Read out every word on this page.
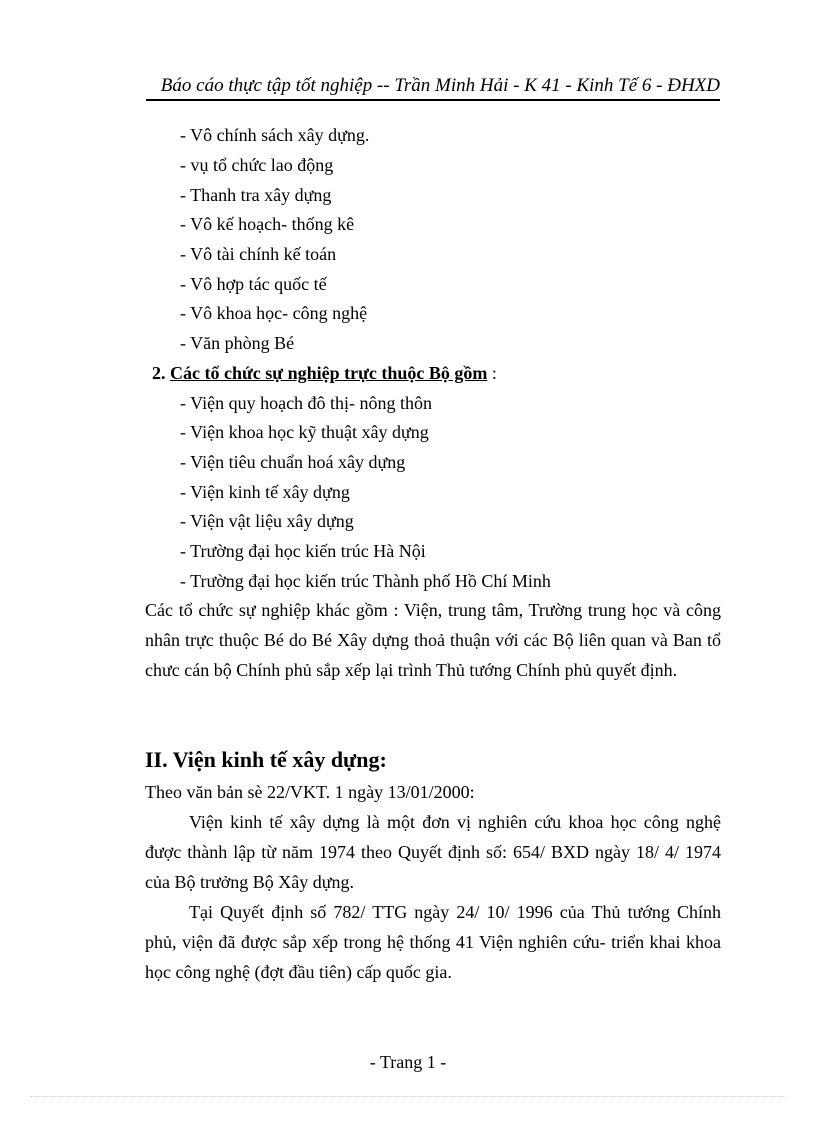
Báo cáo thực tập tốt nghiệp -- Trần Minh Hải - K 41 - Kinh Tế 6 - ĐHXD
- Vô chính sách xây dựng.
- vụ tổ chức lao động
- Thanh tra xây dựng
- Vô kế hoạch- thống kê
- Vô tài chính kế toán
- Vô hợp tác quốc tế
- Vô khoa học- công nghệ
- Văn phòng Bé
2. Các tổ chức sự nghiệp trực thuộc Bộ gồm :
- Viện quy hoạch đô thị- nông thôn
- Viện khoa học kỹ thuật xây dựng
- Viện tiêu chuẩn hoá xây dựng
- Viện kinh tế xây dựng
- Viện vật liệu xây dựng
- Trường đại học kiến trúc Hà Nội
- Trường đại học kiến trúc Thành phố Hồ Chí Minh
Các tổ chức sự nghiệp khác gồm : Viện, trung tâm, Trường trung học và công nhân trực thuộc Bé do Bé Xây dựng thoả thuận với các Bộ liên quan và Ban tổ chưc cán bộ Chính phủ sắp xếp lại trình Thủ tướng Chính phủ quyết định.
II. Viện kinh tế xây dựng:
Theo văn bản sè 22/VKT. 1 ngày 13/01/2000:
Viện kinh tế xây dựng là một đơn vị nghiên cứu khoa học công nghệ được thành lập từ năm 1974 theo Quyết định số: 654/ BXD ngày 18/ 4/ 1974 của Bộ trưởng Bộ Xây dựng.
Tại Quyết định số 782/ TTG ngày 24/ 10/ 1996 của Thủ tướng Chính phủ, viện đã được sắp xếp trong hệ thống 41 Viện nghiên cứu- triển khai khoa học công nghệ (đợt đầu tiên) cấp quốc gia.
- Trang 1 -
